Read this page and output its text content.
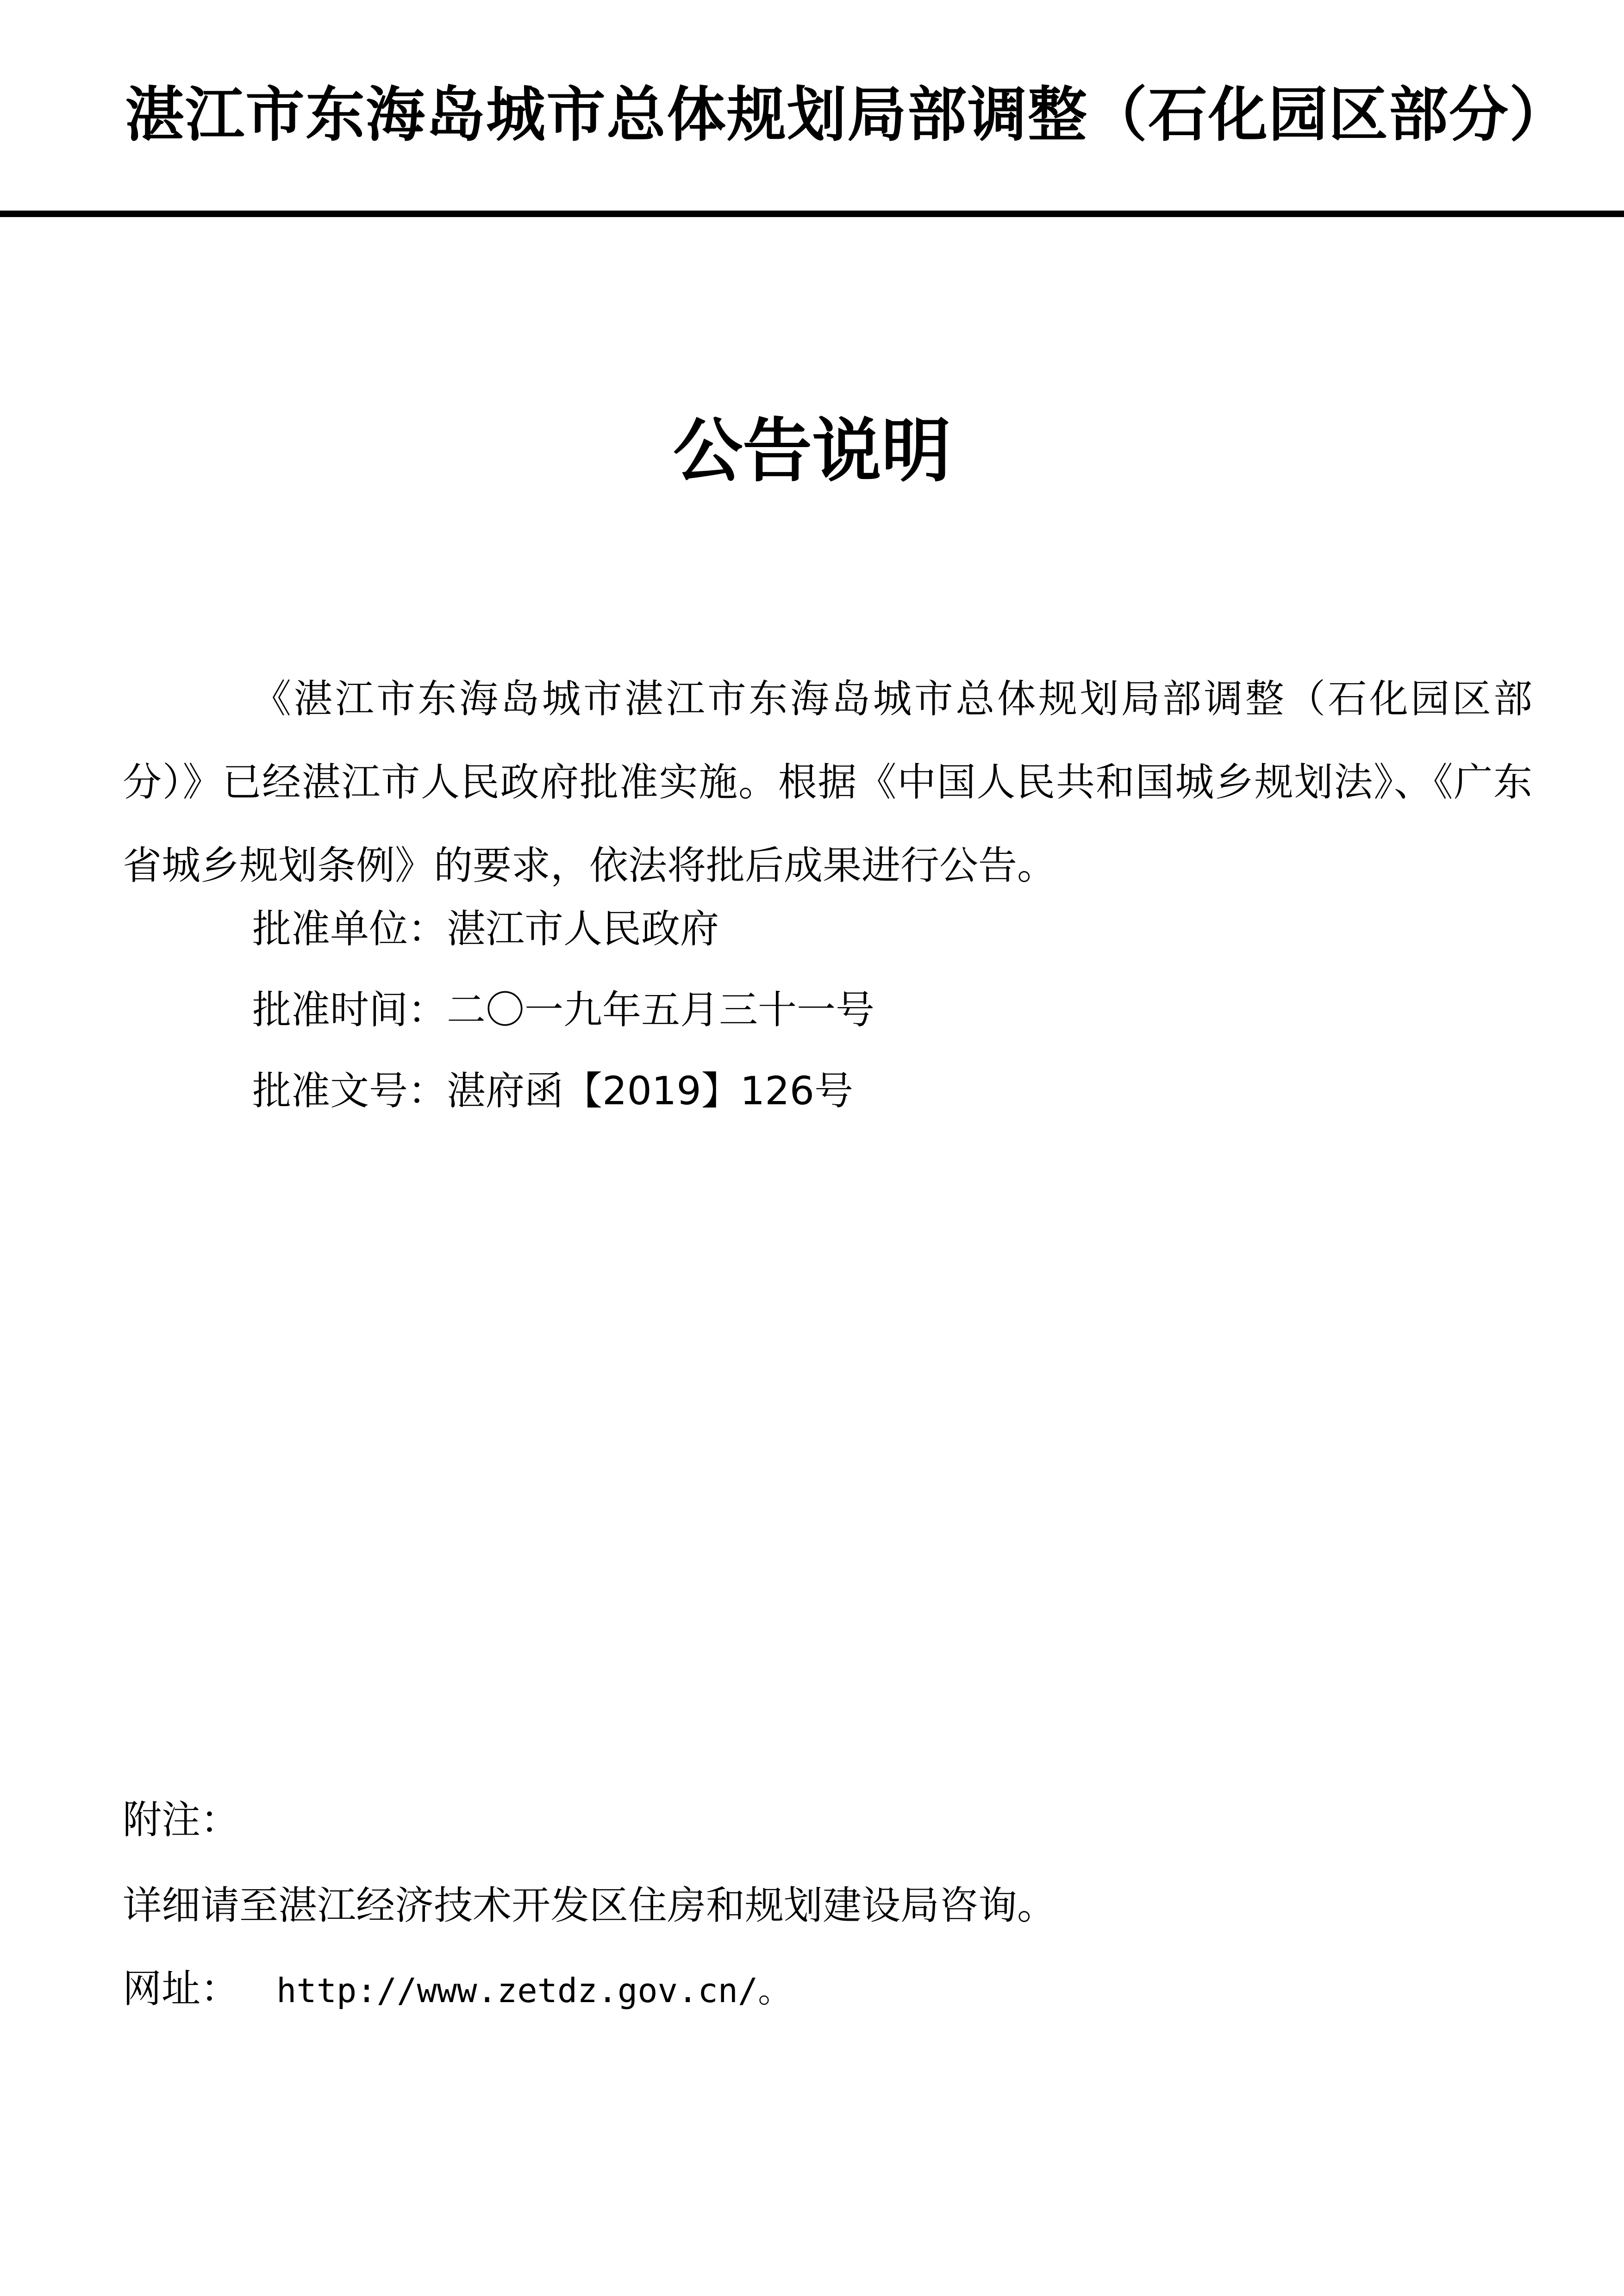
湛江市东海岛城市总体规划局部调整（石化园区部分）
公告说明
《湛江市东海岛城市湛江市东海岛城市总体规划局部调整（石化园区部分）》已经湛江市人民政府批准实施。根据《中国人民共和国城乡规划法》、《广东省城乡规划条例》的要求，依法将批后成果进行公告。
批准单位：湛江市人民政府
批准时间：二〇一九年五月三十一号
批准文号：湛府函【2019】126号
附注：
详细请至湛江经济技术开发区住房和规划建设局咨询。
网址： http://www.zetdz.gov.cn/。
